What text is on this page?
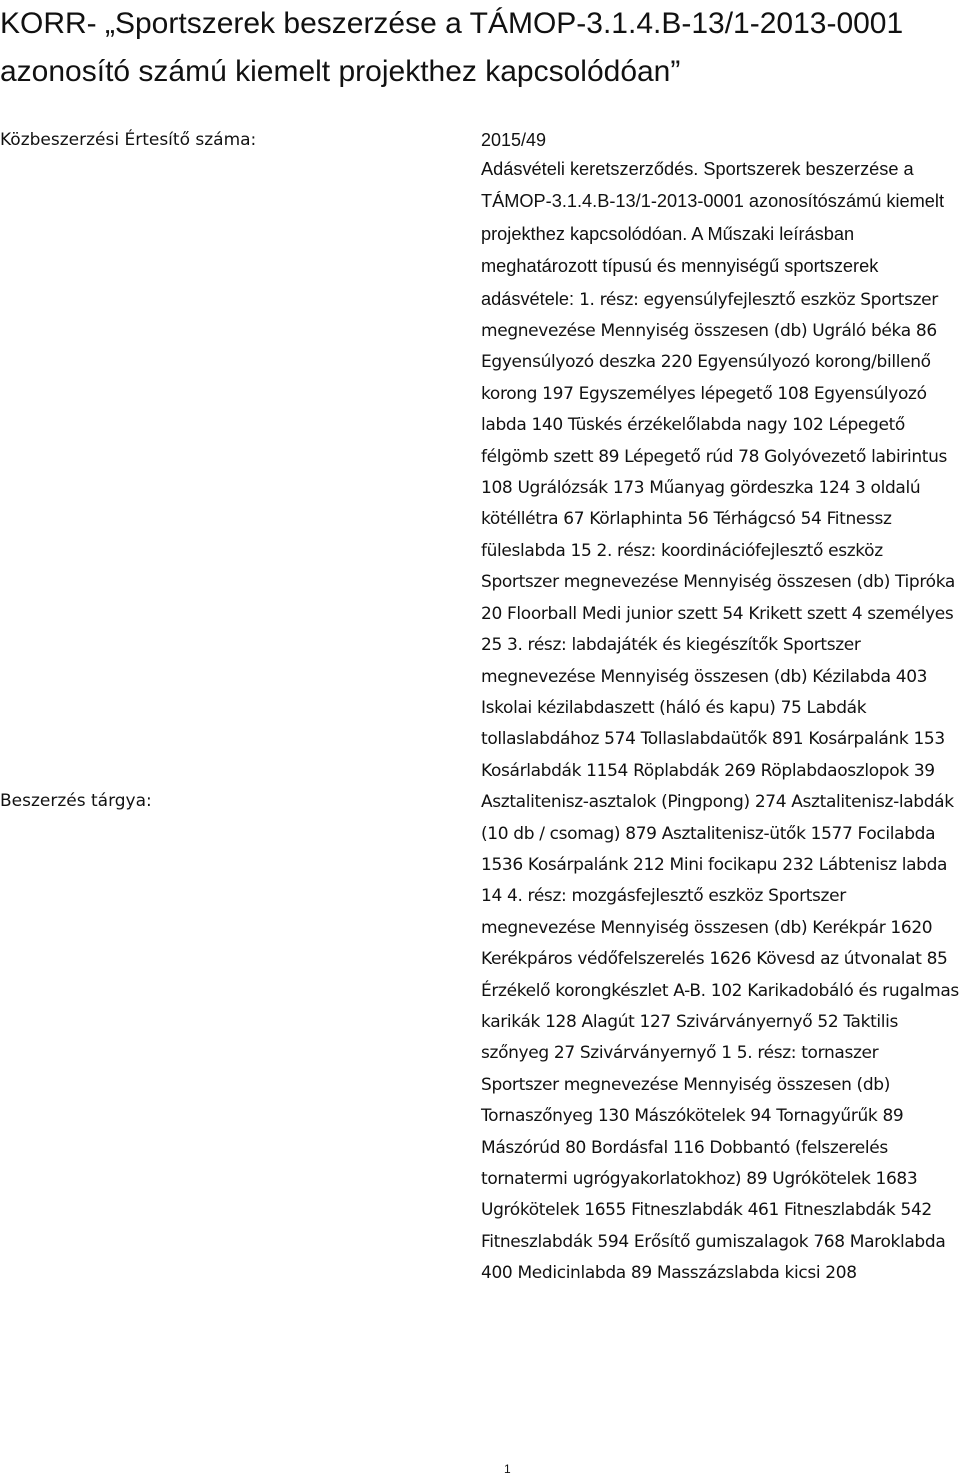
KORR- „Sportszerek beszerzése a TÁMOP-3.1.4.B-13/1-2013-0001 azonosító számú kiemelt projekthez kapcsolódóan”
Közbeszerzési Értesítő száma:	2015/49
Beszerzés tárgya:

Adásvételi keretszerződés. Sportszerek beszerzése a TÁMOP-3.1.4.B-13/1-2013-0001 azonosítószámú kiemelt projekthez kapcsolódóan. A Műszaki leírásban meghatározott típusú és mennyiségű sportszerek adásvétele: 1. rész: egyensúlyfejlesztő eszköz Sportszer megnevezése Mennyiség összesen (db) Ugráló béka 86 Egyensúlyozó deszka 220 Egyensúlyozó korong/billenő korong 197 Egyszemélyes lépegető 108 Egyensúlyozó labda 140 Tüskés érzékelőlabda nagy 102 Lépegető félgömb szett 89 Lépegető rúd 78 Golyóvezető labirintus 108 Ugrálózsák 173 Műanyag gördeszka 124 3 oldalú kötéllétra 67 Körlaphinta 56 Térhágcsó 54 Fitnessz füleslabda 15 2. rész: koordinációfejlesztő eszköz Sportszer megnevezése Mennyiség összesen (db) Tipróka 20 Floorball Medi junior szett 54 Krikett szett 4 személyes 25 3. rész: labdajáték és kiegészítők Sportszer megnevezése Mennyiség összesen (db) Kézilabda 403 Iskolai kézilabdaszett (háló és kapu) 75 Labdák tollaslabdához 574 Tollaslabdaütők 891 Kosárpalánk 153 Kosárlabdák 1154 Röplabdák 269 Röplabdaoszlopok 39 Asztalitenisz-asztalok (Pingpong) 274 Asztalitenisz-labdák (10 db / csomag) 879 Asztalitenisz-ütők 1577 Focilabda 1536 Kosárpalánk 212 Mini focikapu 232 Lábtenisz labda 14 4. rész: mozgásfejlesztő eszköz Sportszer megnevezése Mennyiség összesen (db) Kerékpár 1620 Kerékpáros védőfelszerelés 1626 Kövesd az útvonalat 85 Érzékelő korongkészlet A-B. 102 Karikadobáló és rugalmas karikák 128 Alagút 127 Szivárványernyő 52 Taktilis szőnyeg 27 Szivárványernyő 1 5. rész: tornaszer Sportszer megnevezése Mennyiség összesen (db) Tornaszőnyeg 130 Mászókötelek 94 Tornagyűrűk 89 Mászórúd 80 Bordásfal 116 Dobbantó (felszerelés tornatermi ugrógyakorlatokhoz) 89 Ugrókötelek 1683 Ugrókötelek 1655 Fitneszlabdák 461 Fitneszlabdák 542 Fitneszlabdák 594 Erősítő gumiszalagok 768 Maroklabda 400 Medicinlabda 89 Masszázslabda kicsi 208

1
